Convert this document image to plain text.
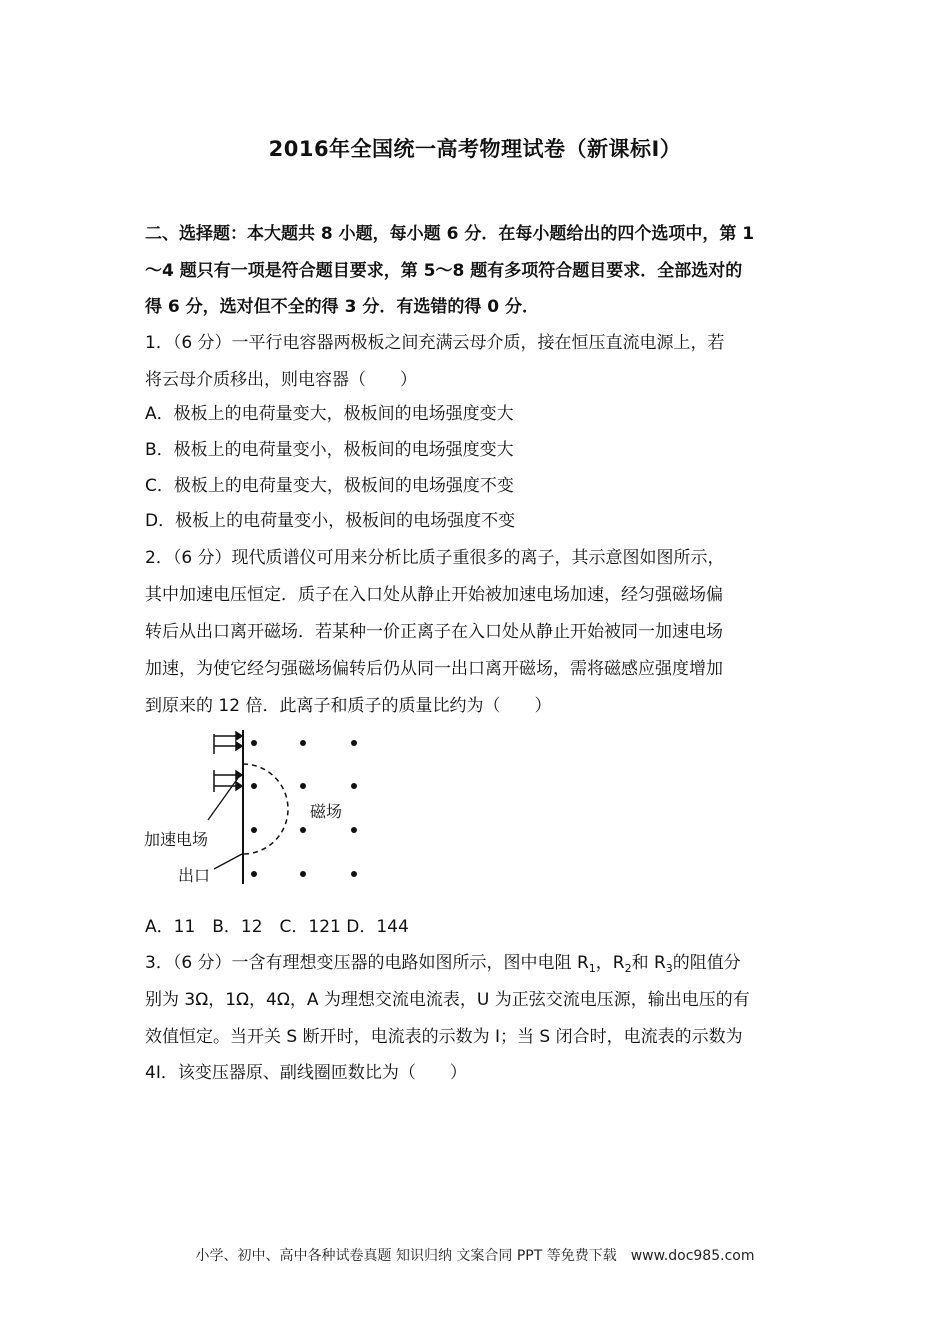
2016年全国统一高考物理试卷（新课标Ⅰ）
二、选择题：本大题共 8 小题，每小题 6 分．在每小题给出的四个选项中，第 1
～4 题只有一项是符合题目要求，第 5～8 题有多项符合题目要求．全部选对的
得 6 分，选对但不全的得 3 分．有选错的得 0 分．
1．（6 分）一平行电容器两极板之间充满云母介质，接在恒压直流电源上，若
将云母介质移出，则电容器（　　）
A．极板上的电荷量变大，极板间的电场强度变大
B．极板上的电荷量变小，极板间的电场强度变大
C．极板上的电荷量变大，极板间的电场强度不变
D．极板上的电荷量变小，极板间的电场强度不变
2．（6 分）现代质谱仪可用来分析比质子重很多的离子，其示意图如图所示，
其中加速电压恒定．质子在入口处从静止开始被加速电场加速，经匀强磁场偏
转后从出口离开磁场．若某种一价正离子在入口处从静止开始被同一加速电场
加速，为使它经匀强磁场偏转后仍从同一出口离开磁场，需将磁感应强度增加
到原来的 12 倍．此离子和质子的质量比约为（　　）
磁场
加速电场
出口
A．11　B．12　C．121 D．144
3．（6 分）一含有理想变压器的电路如图所示，图中电阻 $R_1$，$R_2$和 $R_3$的阻值分
别为 3Ω，1Ω，4Ω，A 为理想交流电流表，U 为正弦交流电压源，输出电压的有
效值恒定。当开关 S 断开时，电流表的示数为 I；当 S 闭合时，电流表的示数为
4I．该变压器原、副线圈匝数比为（　　）
小学、初中、高中各种试卷真题 知识归纳 文案合同 PPT 等免费下载　www.doc985.com
